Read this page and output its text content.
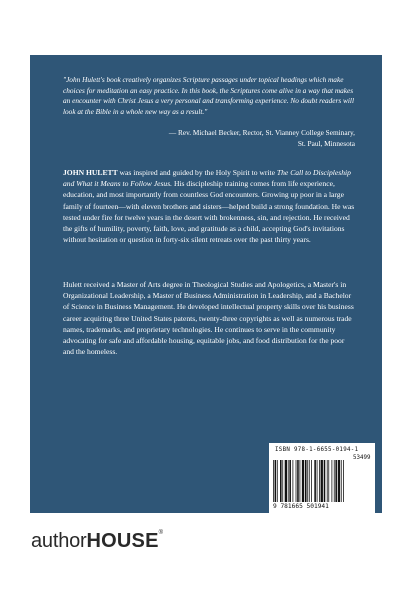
"John Hulett's book creatively organizes Scripture passages under topical headings which make choices for meditation an easy practice. In this book, the Scriptures come alive in a way that makes an encounter with Christ Jesus a very personal and transforming experience. No doubt readers will look at the Bible in a whole new way as a result."
— Rev. Michael Becker, Rector, St. Vianney College Seminary,
St. Paul, Minnesota

JOHN HULETT was inspired and guided by the Holy Spirit to write The Call to Discipleship and What it Means to Follow Jesus. His discipleship training comes from life experience, education, and most importantly from countless God encounters. Growing up poor in a large family of fourteen—with eleven brothers and sisters—helped build a strong foundation. He was tested under fire for twelve years in the desert with brokenness, sin, and rejection. He received the gifts of humility, poverty, faith, love, and gratitude as a child, accepting God's invitations without hesitation or question in forty-six silent retreats over the past thirty years.

Hulett received a Master of Arts degree in Theological Studies and Apologetics, a Master's in Organizational Leadership, a Master of Business Administration in Leadership, and a Bachelor of Science in Business Management. He developed intellectual property skills over his business career acquiring three United States patents, twenty-three copyrights as well as numerous trade names, trademarks, and proprietary technologies. He continues to serve in the community advocating for safe and affordable housing, equitable jobs, and food distribution for the poor and the homeless.

ISBN 978-1-6655-0194-1
53499
9 781665 501941
authorHOUSE®
